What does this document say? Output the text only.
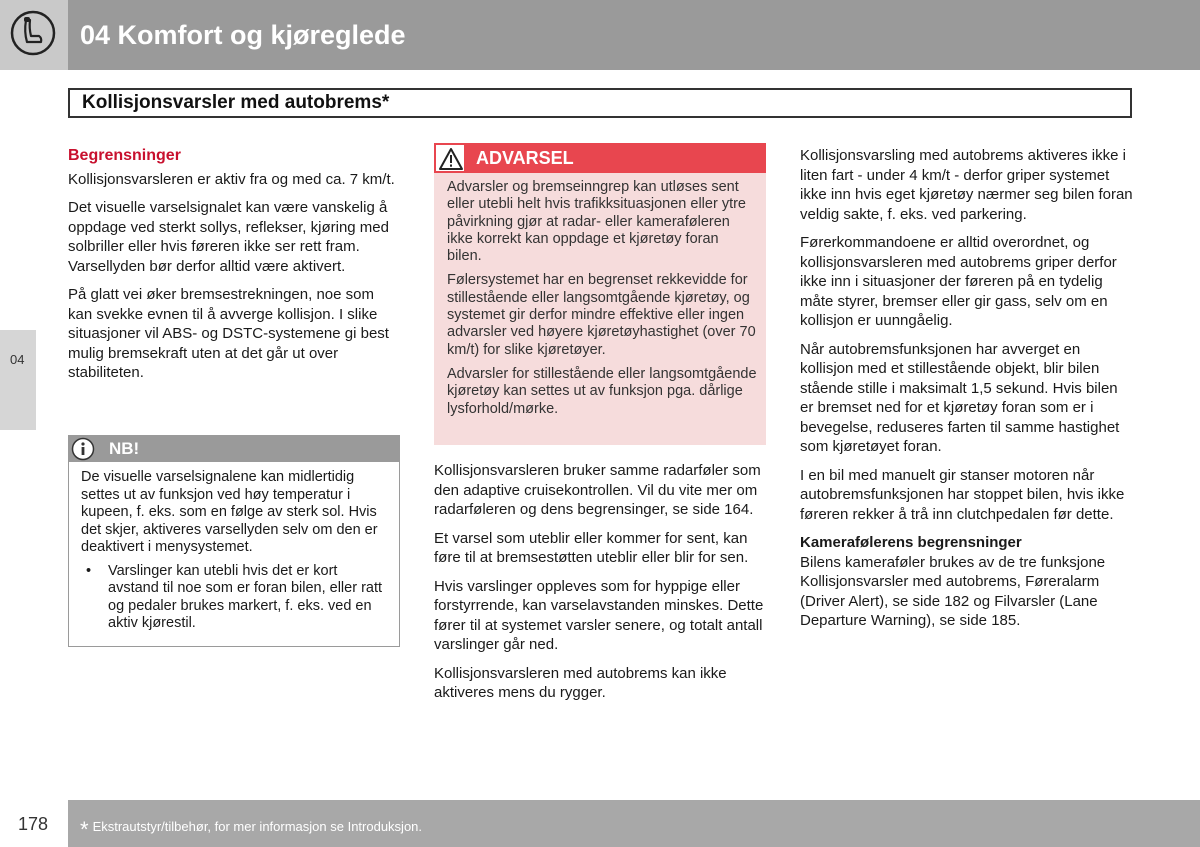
04 Komfort og kjøreglede
Kollisjonsvarsler med autobrems*
04
Begrensninger

Kollisjonsvarsleren er aktiv fra og med ca. 7 km/t.

Det visuelle varselsignalet kan være vanskelig å oppdage ved sterkt sollys, reflekser, kjøring med solbriller eller hvis føreren ikke ser rett fram. Varsellyden bør derfor alltid være aktivert.

På glatt vei øker bremsestrekningen, noe som kan svekke evnen til å avverge kollisjon. I slike situasjoner vil ABS- og DSTC-systemene gi best mulig bremsekraft uten at det går ut over stabiliteten.

NB!

De visuelle varselsignalene kan midlertidig settes ut av funksjon ved høy temperatur i kupeen, f. eks. som en følge av sterk sol. Hvis det skjer, aktiveres varsellyden selv om den er deaktivert i menysystemet.

• Varslinger kan utebli hvis det er kort avstand til noe som er foran bilen, eller ratt og pedaler brukes markert, f. eks. ved en aktiv kjørestil.
ADVARSEL

Advarsler og bremseinngrep kan utløses sent eller utebli helt hvis trafikksituasjonen eller ytre påvirkning gjør at radar- eller kameraføleren ikke korrekt kan oppdage et kjøretøy foran bilen.

Følersystemet har en begrenset rekkevidde for stillestående eller langsomtgående kjøretøy, og systemet gir derfor mindre effektive eller ingen advarsler ved høyere kjøretøyhastighet (over 70 km/t) for slike kjøretøyer.

Advarsler for stillestående eller langsomtgående kjøretøy kan settes ut av funksjon pga. dårlige lysforhold/mørke.

Kollisjonsvarsleren bruker samme radarføler som den adaptive cruisekontrollen. Vil du vite mer om radarføleren og dens begrensinger, se side 164.

Et varsel som uteblir eller kommer for sent, kan føre til at bremsestøtten uteblir eller blir for sen.

Hvis varslinger oppleves som for hyppige eller forstyrrende, kan varselavstanden minskes. Dette fører til at systemet varsler senere, og totalt antall varslinger går ned.

Kollisjonsvarsleren med autobrems kan ikke aktiveres mens du rygger.

Kollisjonsvarsling med autobrems aktiveres ikke i liten fart - under 4 km/t - derfor griper systemet ikke inn hvis eget kjøretøy nærmer seg bilen foran veldig sakte, f. eks. ved parkering.

Førerkommandoene er alltid overordnet, og kollisjonsvarsleren med autobrems griper derfor ikke inn i situasjoner der føreren på en tydelig måte styrer, bremser eller gir gass, selv om en kollisjon er uunngåelig.

Når autobremsfunksjonen har avverget en kollisjon med et stillestående objekt, blir bilen stående stille i maksimalt 1,5 sekund. Hvis bilen er bremset ned for et kjøretøy foran som er i bevegelse, reduseres farten til samme hastighet som kjøretøyet foran.

I en bil med manuelt gir stanser motoren når autobremsfunksjonen har stoppet bilen, hvis ikke føreren rekker å trå inn clutchpedalen før dette.

Kamerafølerens begrensninger

Bilens kameraføler brukes av de tre funksjone Kollisjonsvarsler med autobrems, Føreralarm (Driver Alert), se side 182 og Filvarsler (Lane Departure Warning), se side 185.

178 * Ekstrautstyr/tilbehør, for mer informasjon se Introduksjon.
